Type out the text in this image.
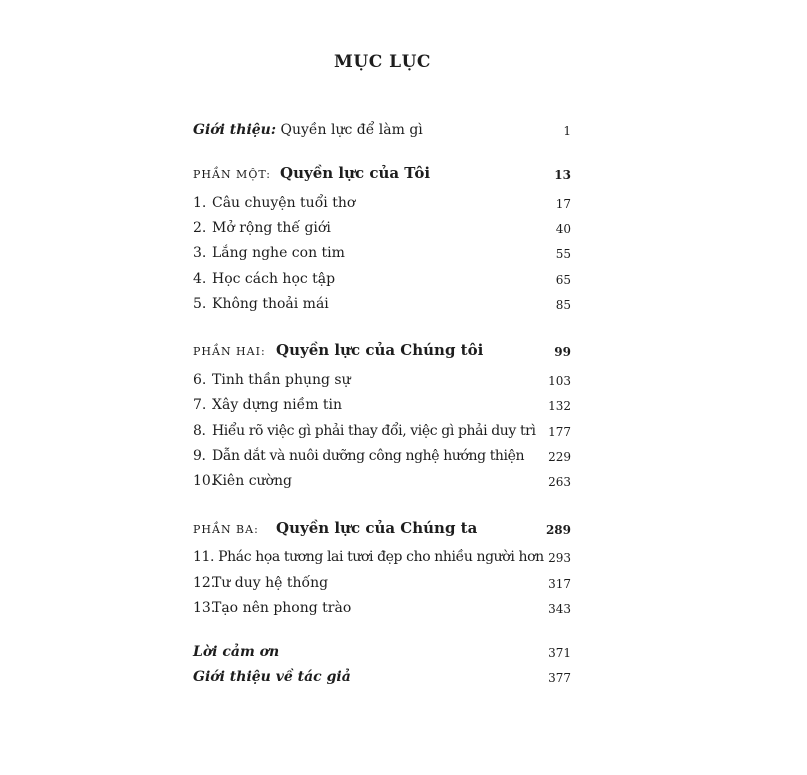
MỤC LỤC
Giới thiệu: Quyền lực để làm gì	1
PHẦN MỘT: Quyền lực của Tôi	13
1. Câu chuyện tuổi thơ	17
2. Mở rộng thế giới	40
3. Lắng nghe con tim	55
4. Học cách học tập	65
5. Không thoải mái	85
PHẦN HAI: Quyền lực của Chúng tôi	99
6. Tinh thần phụng sự	103
7. Xây dựng niềm tin	132
8. Hiểu rõ việc gì phải thay đổi, việc gì phải duy trì 177
9. Dẫn dắt và nuôi dưỡng công nghệ hướng thiện 229
10.Kiên cường	263
PHẦN BA: Quyền lực của Chúng ta	289
11. Phác họa tương lai tươi đẹp cho nhiều người hơn 293
12.Tư duy hệ thống	317
13.Tạo nên phong trào	343
Lời cảm ơn	371
Giới thiệu về tác giả	377
